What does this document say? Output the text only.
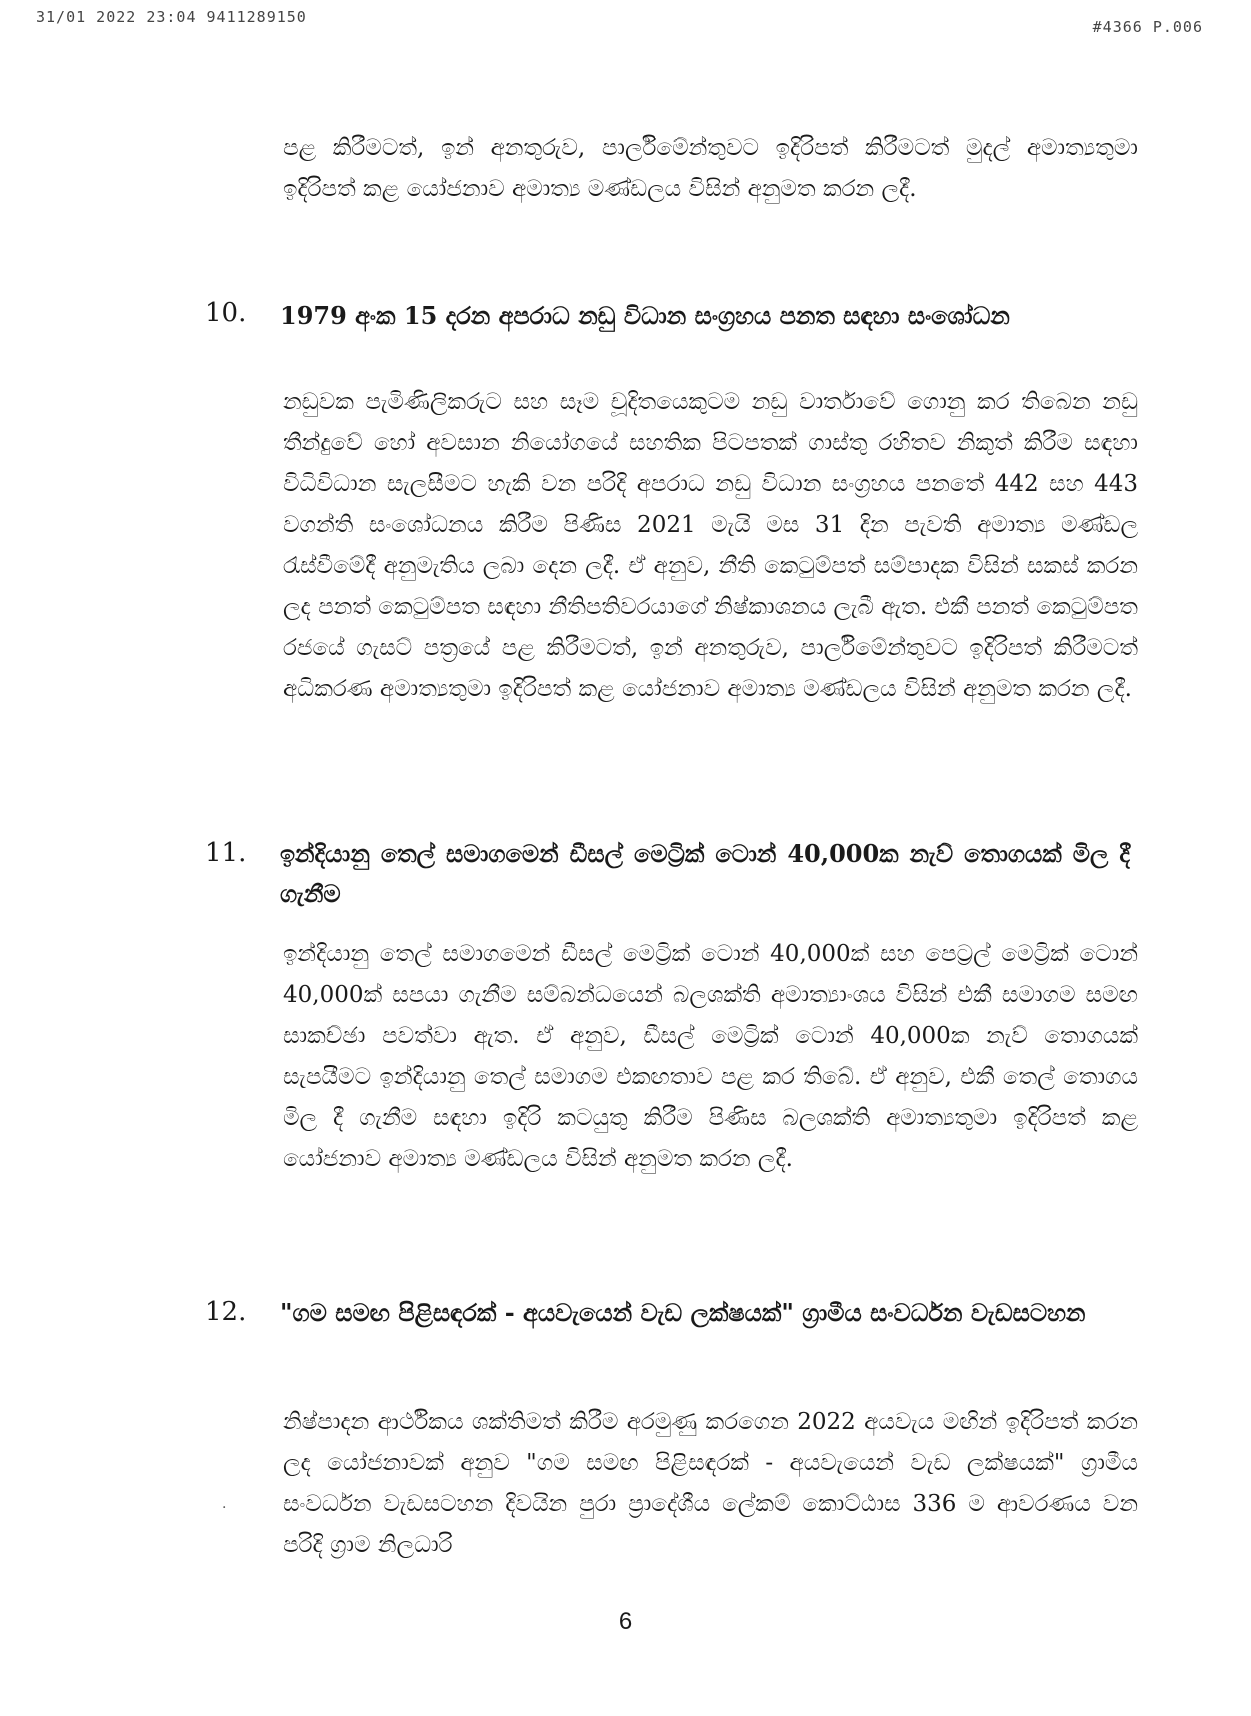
31/01 2022 23:04 9411289150
#4366 P.006

පළ කිරීමටත්, ඉන් අනතුරුව, පාර්ලිමේන්තුවට ඉදිරිපත් කිරීමටත් මුදල් අමාත්‍යතුමා ඉදිරිපත් කළ යෝජනාව අමාත්‍ය මණ්ඩලය විසින් අනුමත කරන ලදී.

10. 1979 අංක 15 දරන අපරාධ නඩු විධාන සංග්‍රහය පනත සඳහා සංශෝධන

නඩුවක පැමිණිලිකරුට සහ සෑම චූදිතයෙකුටම නඩු වාර්තාවේ ගොනු කර තිබෙන නඩු තීන්දුවේ හෝ අවසාන නියෝගයේ සහතික පිටපතක් ගාස්තු රහිතව නිකුත් කිරීම සඳහා විධිවිධාන සැලසීමට හැකි වන පරිදි අපරාධ නඩු විධාන සංග්‍රහය පනතේ 442 සහ 443 වගන්ති සංශෝධනය කිරීම පිණිස 2021 මැයි මස 31 දින පැවති අමාත්‍ය මණ්ඩල රැස්වීමේදී අනුමැතිය ලබා දෙන ලදී. ඒ අනුව, නීති කෙටුම්පත් සම්පාදක විසින් සකස් කරන ලද පනත් කෙටුම්පත සඳහා නීතිපතිවරයාගේ නිෂ්කාශනය ලැබී ඇත. එකී පනත් කෙටුම්පත රජයේ ගැසට් පත්‍රයේ පළ කිරීමටත්, ඉන් අනතුරුව, පාර්ලිමේන්තුවට ඉදිරිපත් කිරීමටත් අධිකරණ අමාත්‍යතුමා ඉදිරිපත් කළ යෝජනාව අමාත්‍ය මණ්ඩලය විසින් අනුමත කරන ලදී.

11. ඉන්දියානු තෙල් සමාගමෙන් ඩීසල් මෙට්‍රික් ටොන් 40,000ක නැව් තොගයක් මිල දී ගැනීම

ඉන්දියානු තෙල් සමාගමෙන් ඩීසල් මෙට්‍රික් ටොන් 40,000ක් සහ පෙට්‍රල් මෙට්‍රික් ටොන් 40,000ක් සපයා ගැනීම සම්බන්ධයෙන් බලශක්ති අමාත්‍යාංශය විසින් එකී සමාගම සමඟ සාකච්ඡා පවත්වා ඇත. ඒ අනුව, ඩීසල් මෙට්‍රික් ටොන් 40,000ක නැව් තොගයක් සැපයීමට ඉන්දියානු තෙල් සමාගම එකඟතාව පළ කර තිබේ. ඒ අනුව, එකී තෙල් තොගය මිල දී ගැනීම සඳහා ඉදිරි කටයුතු කිරීම පිණිස බලශක්ති අමාත්‍යතුමා ඉදිරිපත් කළ යෝජනාව අමාත්‍ය මණ්ඩලය විසින් අනුමත කරන ලදී.

12. "ගම සමඟ පිළිසඳරක් - අයවැයෙන් වැඩ ලක්ෂයක්" ග්‍රාමීය සංවර්ධන වැඩසටහන

නිෂ්පාදන ආර්ථිකය ශක්තිමත් කිරීම අරමුණු කරගෙන 2022 අයවැය මඟින් ඉදිරිපත් කරන ලද යෝජනාවක් අනුව "ගම සමඟ පිළිසඳරක් - අයවැයෙන් වැඩ ලක්ෂයක්" ග්‍රාමීය සංවර්ධන වැඩසටහන දිවයින පුරා ප්‍රාදේශීය ලේකම් කොට්ඨාස 336 ම ආවරණය වන පරිදි ග්‍රාම නිලධාරි

·
6
